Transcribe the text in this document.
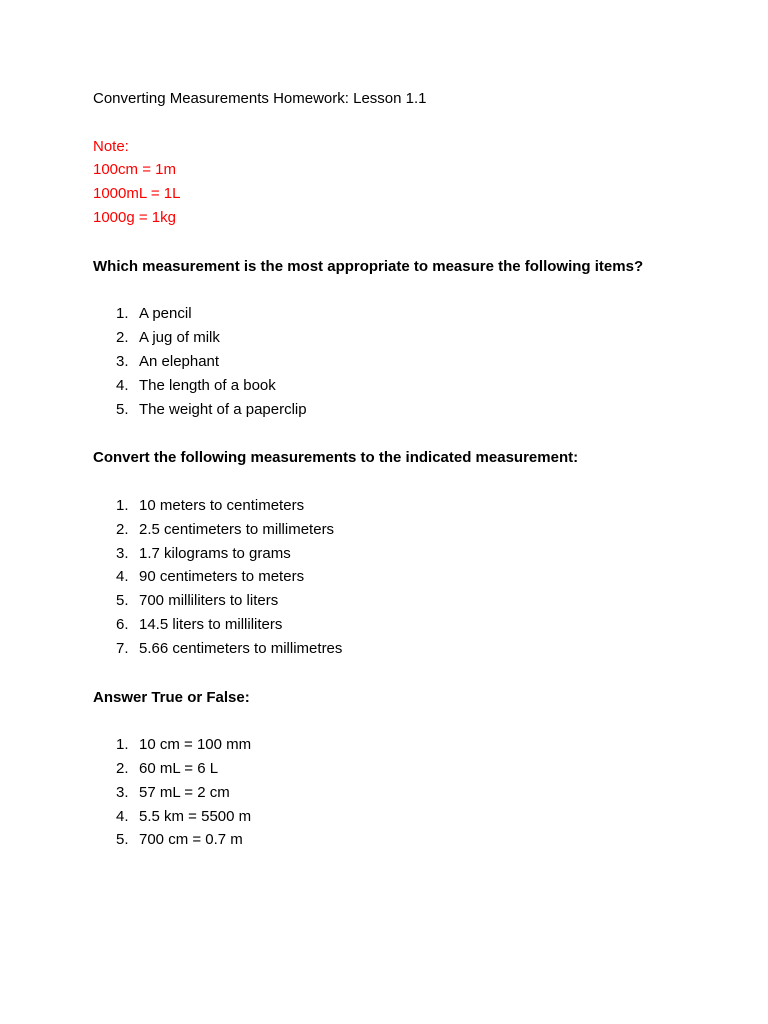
Converting Measurements Homework: Lesson 1.1
Note:
100cm = 1m
1000mL = 1L
1000g = 1kg
Which measurement is the most appropriate to measure the following items?
1. A pencil
2. A jug of milk
3. An elephant
4. The length of a book
5. The weight of a paperclip
Convert the following measurements to the indicated measurement:
1. 10 meters to centimeters
2. 2.5 centimeters to millimeters
3. 1.7 kilograms to grams
4. 90 centimeters to meters
5. 700 milliliters to liters
6. 14.5 liters to milliliters
7. 5.66 centimeters to millimetres
Answer True or False:
1. 10 cm = 100 mm
2. 60 mL = 6 L
3. 57 mL = 2 cm
4. 5.5 km = 5500 m
5. 700 cm = 0.7 m
